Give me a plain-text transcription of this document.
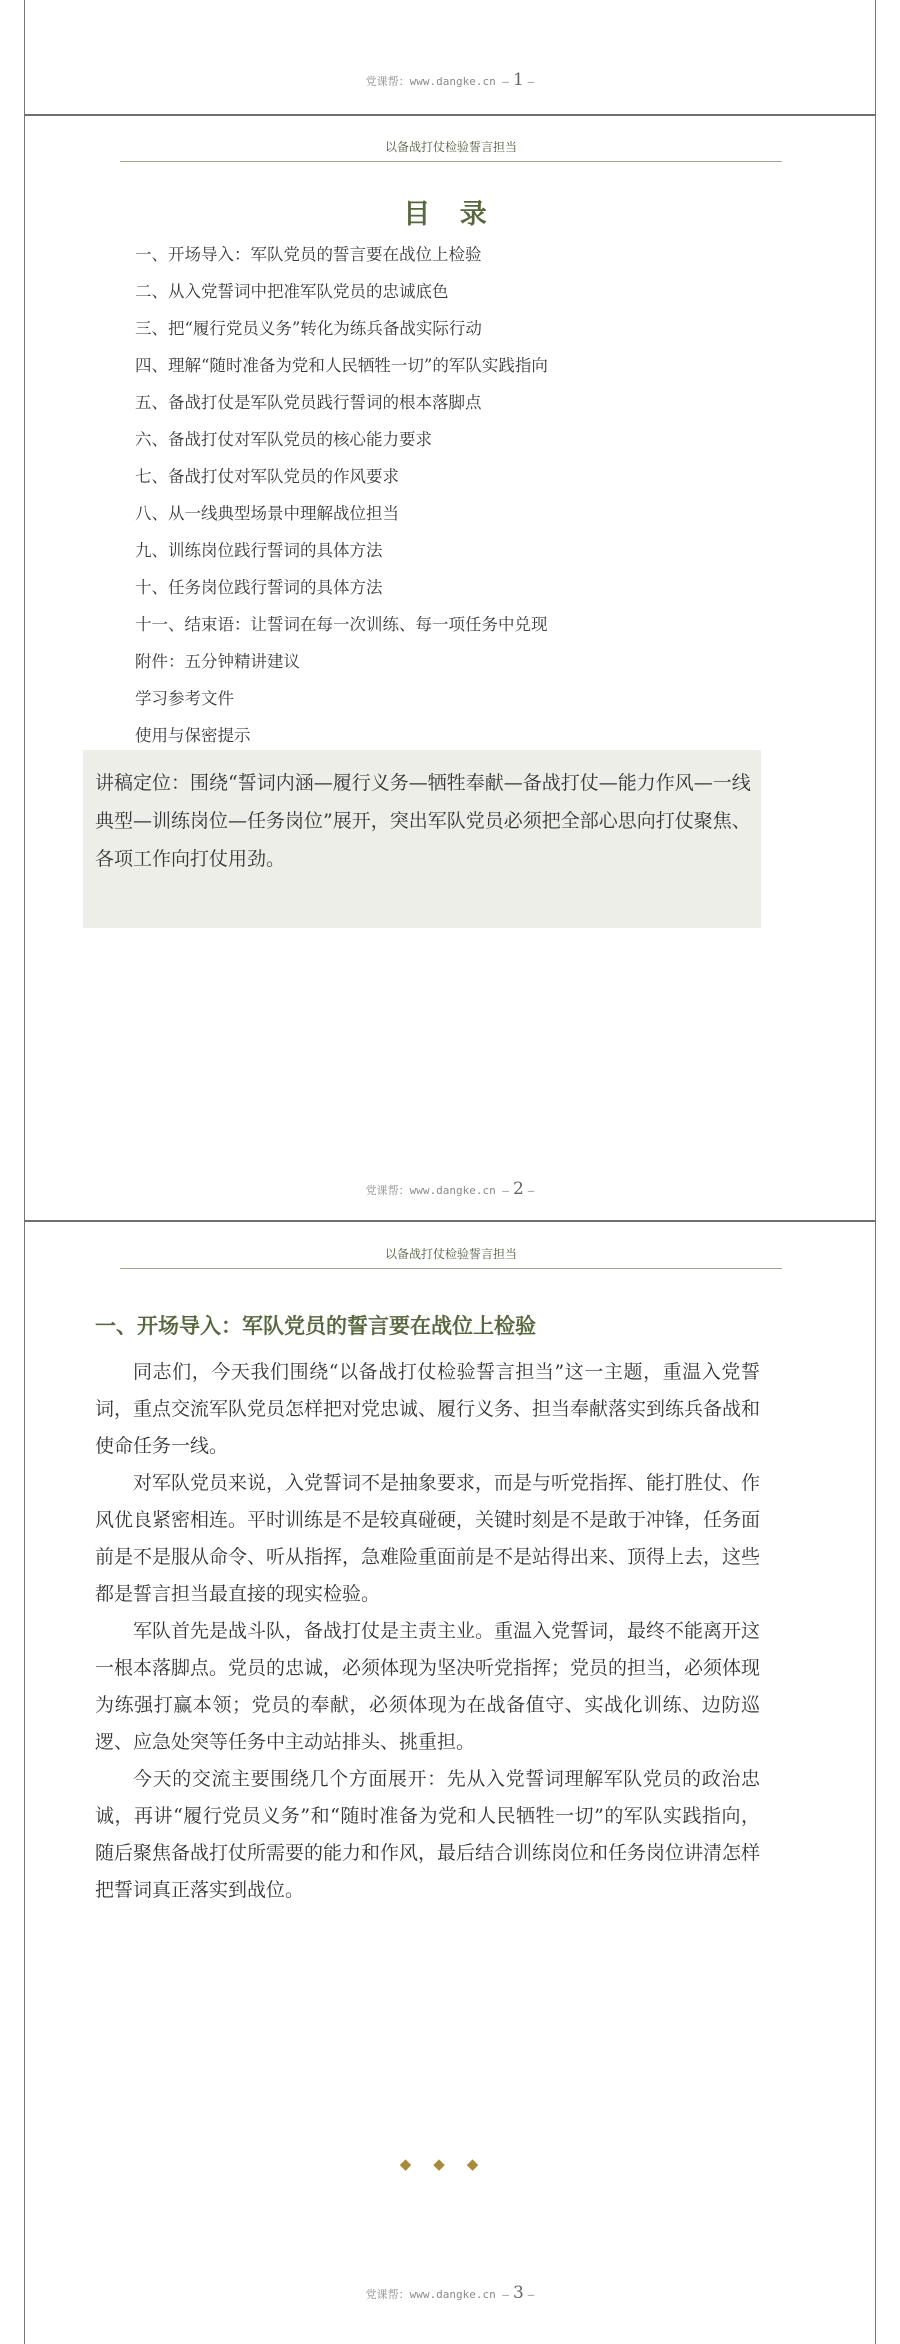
党课帮：www.dangke.cn — 1 —
以备战打仗检验誓言担当
目 录
党课帮：www.dangke.cn — 2 —
一、开场导入：军队党员的誓言要在战位上检验
二、从入党誓词中把准军队党员的忠诚底色
三、把“履行党员义务”转化为练兵备战实际行动
四、理解“随时准备为党和人民牺牲一切”的军队实践指向
五、备战打仗是军队党员践行誓词的根本落脚点
六、备战打仗对军队党员的核心能力要求
七、备战打仗对军队党员的作风要求
八、从一线典型场景中理解战位担当
九、训练岗位践行誓词的具体方法
十、任务岗位践行誓词的具体方法
十一、结束语：让誓词在每一次训练、每一项任务中兑现
附件：五分钟精讲建议
学习参考文件
使用与保密提示
讲稿定位：围绕“誓词内涵—履行义务—牺牲奉献—备战打仗—能力作风—一线典型—训练岗位—任务岗位”展开，突出军队党员必须把全部心思向打仗聚焦、各项工作向打仗用劲。
以备战打仗检验誓言担当
党课帮：www.dangke.cn — 3 —
一、开场导入：军队党员的誓言要在战位上检验

同志们，今天我们围绕“以备战打仗检验誓言担当”这一主题，重温入党誓词，重点交流军队党员怎样把对党忠诚、履行义务、担当奉献落实到练兵备战和使命任务一线。

对军队党员来说，入党誓词不是抽象要求，而是与听党指挥、能打胜仗、作风优良紧密相连。平时训练是不是较真碰硬，关键时刻是不是敢于冲锋，任务面前是不是服从命令、听从指挥，急难险重面前是不是站得出来、顶得上去，这些都是誓言担当最直接的现实检验。

军队首先是战斗队，备战打仗是主责主业。重温入党誓词，最终不能离开这一根本落脚点。党员的忠诚，必须体现为坚决听党指挥；党员的担当，必须体现为练强打赢本领；党员的奉献，必须体现为在战备值守、实战化训练、边防巡逻、应急处突等任务中主动站排头、挑重担。

今天的交流主要围绕几个方面展开：先从入党誓词理解军队党员的政治忠诚，再讲“履行党员义务”和“随时准备为党和人民牺牲一切”的军队实践指向，随后聚焦备战打仗所需要的能力和作风，最后结合训练岗位和任务岗位讲清怎样把誓词真正落实到战位。

◆◆◆
